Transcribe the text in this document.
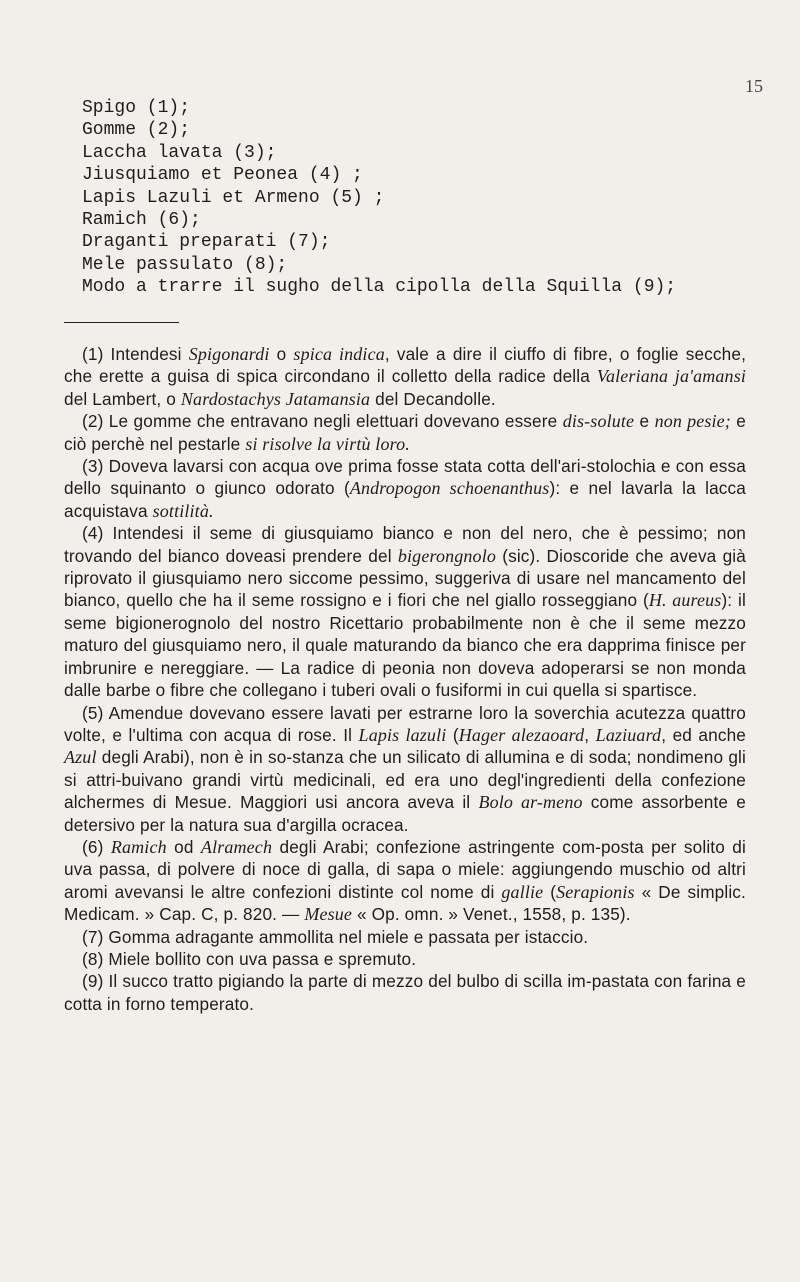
15
Spigo (1);
Gomme (2);
Laccha lavata (3);
Jiusquiamo et Peonea (4) ;
Lapis Lazuli et Armeno (5) ;
Ramich (6);
Draganti preparati (7);
Mele passulato (8);
Modo a trarre il sugho della cipolla della Squilla (9);

(1) Intendesi Spigonardi o spica indica, vale a dire il ciuffo di fibre, o foglie secche, che erette a guisa di spica circondano il colletto della radice della Valeriana ja'amansi del Lambert, o Nardostachys Jatamansia del Decandolle.

(2) Le gomme che entravano negli elettuari dovevano essere dis-solute e non pesie; e ciò perchè nel pestarle si risolve la virtù loro.

(3) Doveva lavarsi con acqua ove prima fosse stata cotta dell'ari-stolochia e con essa dello squinanto o giunco odorato (Andropogon schoenanthus): e nel lavarla la lacca acquistava sottilità.

(4) Intendesi il seme di giusquiamo bianco e non del nero, che è pessimo; non trovando del bianco doveasi prendere del bigerongnolo (sic). Dioscoride che aveva già riprovato il giusquiamo nero siccome pessimo, suggeriva di usare nel mancamento del bianco, quello che ha il seme rossigno e i fiori che nel giallo rosseggiano (H. aureus): il seme bigionerognolo del nostro Ricettario probabilmente non è che il seme mezzo maturo del giusquiamo nero, il quale maturando da bianco che era dapprima finisce per imbrunire e nereggiare. — La radice di peonia non doveva adoperarsi se non monda dalle barbe o fibre che collegano i tuberi ovali o fusiformi in cui quella si spartisce.

(5) Amendue dovevano essere lavati per estrarne loro la soverchia acutezza quattro volte, e l'ultima con acqua di rose. Il Lapis lazuli (Hager alezaoard, Laziuard, ed anche Azul degli Arabi), non è in so-stanza che un silicato di allumina e di soda; nondimeno gli si attri-buivano grandi virtù medicinali, ed era uno degl'ingredienti della confezione alchermes di Mesue. Maggiori usi ancora aveva il Bolo ar-meno come assorbente e detersivo per la natura sua d'argilla ocracea.

(6) Ramich od Alramech degli Arabi; confezione astringente com-posta per solito di uva passa, di polvere di noce di galla, di sapa o miele: aggiungendo muschio od altri aromi avevansi le altre confezioni distinte col nome di gallie (Serapionis « De simplic. Medicam. » Cap. C, p. 820. — Mesue « Op. omn. » Venet., 1558, p. 135).

(7) Gomma adragante ammollita nel miele e passata per istaccio.

(8) Miele bollito con uva passa e spremuto.

(9) Il succo tratto pigiando la parte di mezzo del bulbo di scilla im-pastata con farina e cotta in forno temperato.
